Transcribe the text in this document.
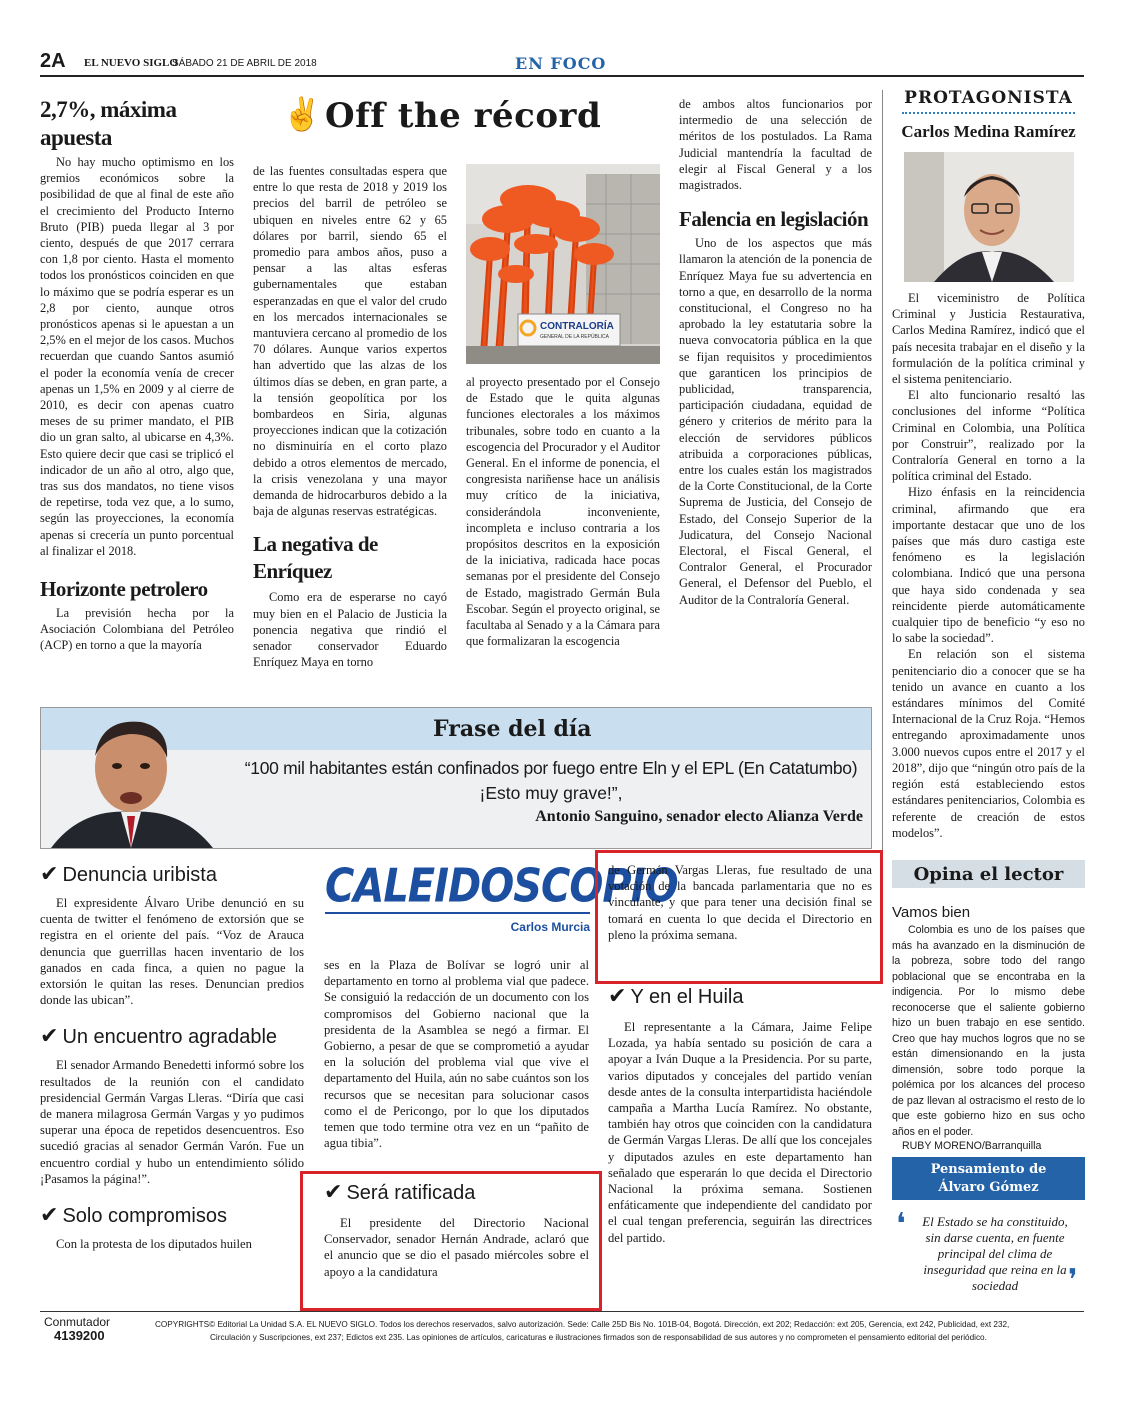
2A EL NUEVO SIGLO
SÁBADO 21 DE ABRIL DE 2018	EN FOCO
2,7%, máxima apuesta

No hay mucho optimismo en los gremios económicos sobre la posibilidad de que al final de este año el crecimiento del Producto Interno Bruto (PIB) pueda llegar al 3 por ciento, después de que 2017 cerrara con 1,8 por ciento. Hasta el momento todos los pronósticos coinciden en que lo máximo que se podría esperar es un 2,8 por ciento, aunque otros pronósticos apenas si le apuestan a un 2,5% en el mejor de los casos. Muchos recuerdan que cuando Santos asumió el poder la economía venía de crecer apenas un 1,5% en 2009 y al cierre de 2010, es decir con apenas cuatro meses de su primer mandato, el PIB dio un gran salto, al ubicarse en 4,3%. Esto quiere decir que casi se triplicó el indicador de un año al otro, algo que, tras sus dos mandatos, no tiene visos de repetirse, toda vez que, a lo sumo, según las proyecciones, la economía apenas si crecería un punto porcentual al finalizar el 2018.

Horizonte petrolero

La previsión hecha por la Asociación Colombiana del Petróleo (ACP) en torno a que la mayoría

✌ Off the récord

de las fuentes consultadas espera que entre lo que resta de 2018 y 2019 los precios del barril de petróleo se ubiquen en niveles entre 62 y 65 dólares por barril, siendo 65 el promedio para ambos años, puso a pensar a las altas esferas gubernamentales que estaban esperanzadas en que el valor del crudo en los mercados internacionales se mantuviera cercano al promedio de los 70 dólares. Aunque varios expertos han advertido que las alzas de los últimos días se deben, en gran parte, a la tensión geopolítica por los bombardeos en Siria, algunas proyecciones indican que la cotización no disminuiría en el corto plazo debido a otros elementos de mercado, la crisis venezolana y una mayor demanda de hidrocarburos debido a la baja de algunas reservas estratégicas.

La negativa de Enríquez

Como era de esperarse no cayó muy bien en el Palacio de Justicia la ponencia negativa que rindió el senador conservador Eduardo Enríquez Maya en torno

CONTRALORÍA
GENERAL DE LA REPÚBLICA

al proyecto presentado por el Consejo de Estado que le quita algunas funciones electorales a los máximos tribunales, sobre todo en cuanto a la escogencia del Procurador y el Auditor General. En el informe de ponencia, el congresista nariñense hace un análisis muy crítico de la iniciativa, considerándola inconveniente, incompleta e incluso contraria a los propósitos descritos en la exposición de la iniciativa, radicada hace pocas semanas por el presidente del Consejo de Estado, magistrado Germán Bula Escobar. Según el proyecto original, se facultaba al Senado y a la Cámara para que formalizaran la escogencia

de ambos altos funcionarios por intermedio de una selección de méritos de los postulados. La Rama Judicial mantendría la facultad de elegir al Fiscal General y a los magistrados.

Falencia en legislación

Uno de los aspectos que más llamaron la atención de la ponencia de Enríquez Maya fue su advertencia en torno a que, en desarrollo de la norma constitucional, el Congreso no ha aprobado la ley estatutaria sobre la nueva convocatoria pública en la que se fijan requisitos y procedimientos que garanticen los principios de publicidad, transparencia, participación ciudadana, equidad de género y criterios de mérito para la elección de servidores públicos atribuida a corporaciones públicas, entre los cuales están los magistrados de la Corte Constitucional, de la Corte Suprema de Justicia, del Consejo de Estado, del Consejo Superior de la Judicatura, del Consejo Nacional Electoral, el Fiscal General, el Contralor General, el Procurador General, el Defensor del Pueblo, el Auditor de la Contraloría General.

PROTAGONISTA
Carlos Medina Ramírez

El viceministro de Política Criminal y Justicia Restaurativa, Carlos Medina Ramírez, indicó que el país necesita trabajar en el diseño y la formulación de la política criminal y el sistema penitenciario.

El alto funcionario resaltó las conclusiones del informe “Política Criminal en Colombia, una Política por Construir”, realizado por la Contraloría General en torno a la política criminal del Estado.

Hizo énfasis en la reincidencia criminal, afirmando que era importante destacar que uno de los países que más duro castiga este fenómeno es la legislación colombiana. Indicó que una persona que haya sido condenada y sea reincidente pierde automáticamente cualquier tipo de beneficio “y eso no lo sabe la sociedad”.

En relación son el sistema penitenciario dio a conocer que se ha tenido un avance en cuanto a los estándares mínimos del Comité Internacional de la Cruz Roja. “Hemos entregando aproximadamente unos 3.000 nuevos cupos entre el 2017 y el 2018”, dijo que “ningún otro país de la región está estableciendo estos estándares penitenciarios, Colombia es referente de creación de estos modelos”.

Frase del día
“100 mil habitantes están confinados por fuego entre Eln y el EPL (En Catatumbo)
¡Esto muy grave!”,
Antonio Sanguino, senador electo Alianza Verde
✔ Denuncia uribista

El expresidente Álvaro Uribe denunció en su cuenta de twitter el fenómeno de extorsión que se registra en el oriente del país. “Voz de Arauca denuncia que guerrillas hacen inventario de los ganados en cada finca, a quien no pague la extorsión le quitan las reses. Denuncian predios donde las ubican”.

✔ Un encuentro agradable

El senador Armando Benedetti informó sobre los resultados de la reunión con el candidato presidencial Germán Vargas Lleras. “Diría que casi de manera milagrosa Germán Vargas y yo pudimos superar una época de repetidos desencuentros. Eso sucedió gracias al senador Germán Varón. Fue un encuentro cordial y hubo un entendimiento sólido ¡Pasamos la página!”.

✔ Solo compromisos

Con la protesta de los diputados huilen

CALEIDOSCOPIO
Carlos Murcia

ses en la Plaza de Bolívar se logró unir al departamento en torno al problema vial que padece. Se consiguió la redacción de un documento con los compromisos del Gobierno nacional que la presidenta de la Asamblea se negó a firmar. El Gobierno, a pesar de que se comprometió a ayudar en la solución del problema vial que vive el departamento del Huila, aún no sabe cuántos son los recursos que se necesitan para solucionar casos como el de Pericongo, por lo que los diputados temen que todo termine otra vez en un “pañito de agua tibia”.

✔ Será ratificada

El presidente del Directorio Nacional Conservador, senador Hernán Andrade, aclaró que el anuncio que se dio el pasado miércoles sobre el apoyo a la candidatura

de Germán Vargas Lleras, fue resultado de una votación de la bancada parlamentaria que no es vinculante, y que para tener una decisión final se tomará en cuenta lo que decida el Directorio en pleno la próxima semana.

✔ Y en el Huila

El representante a la Cámara, Jaime Felipe Lozada, ya había sentado su posición de cara a apoyar a Iván Duque a la Presidencia. Por su parte, varios diputados y concejales del partido venían desde antes de la consulta interpartidista haciéndole campaña a Martha Lucía Ramírez. No obstante, también hay otros que coinciden con la candidatura de Germán Vargas Lleras. De allí que los concejales y diputados azules en este departamento han señalado que esperarán lo que decida el Directorio Nacional la próxima semana. Sostienen enfáticamente que independiente del candidato por el cual tengan preferencia, seguirán las directrices del partido.

Opina el lector
Vamos bien

Colombia es uno de los países que más ha avanzado en la disminución de la pobreza, sobre todo del rango poblacional que se encontraba en la indigencia. Por lo mismo debe reconocerse que el saliente gobierno hizo un buen trabajo en ese sentido. Creo que hay muchos logros que no se están dimensionando en la justa dimensión, sobre todo porque la polémica por los alcances del proceso de paz llevan al ostracismo el resto de lo que este gobierno hizo en sus ocho años en el poder.

RUBY MORENO/Barranquilla
Pensamiento de
Álvaro Gómez
❛ El Estado se ha constituido, sin darse cuenta, en fuente principal del clima de inseguridad que reina en la sociedad	❜
Conmutador
4139200
COPYRIGHTS© Editorial La Unidad S.A. EL NUEVO SIGLO. Todos los derechos reservados, salvo autorización. Sede: Calle 25D Bis No. 101B-04, Bogotá. Dirección, ext 202; Redacción: ext 205, Gerencia, ext 242, Publicidad, ext 232,
Circulación y Suscripciones, ext 237; Edictos ext 235. Las opiniones de artículos, caricaturas e ilustraciones firmados son de responsabilidad de sus autores y no comprometen el pensamiento editorial del periódico.
